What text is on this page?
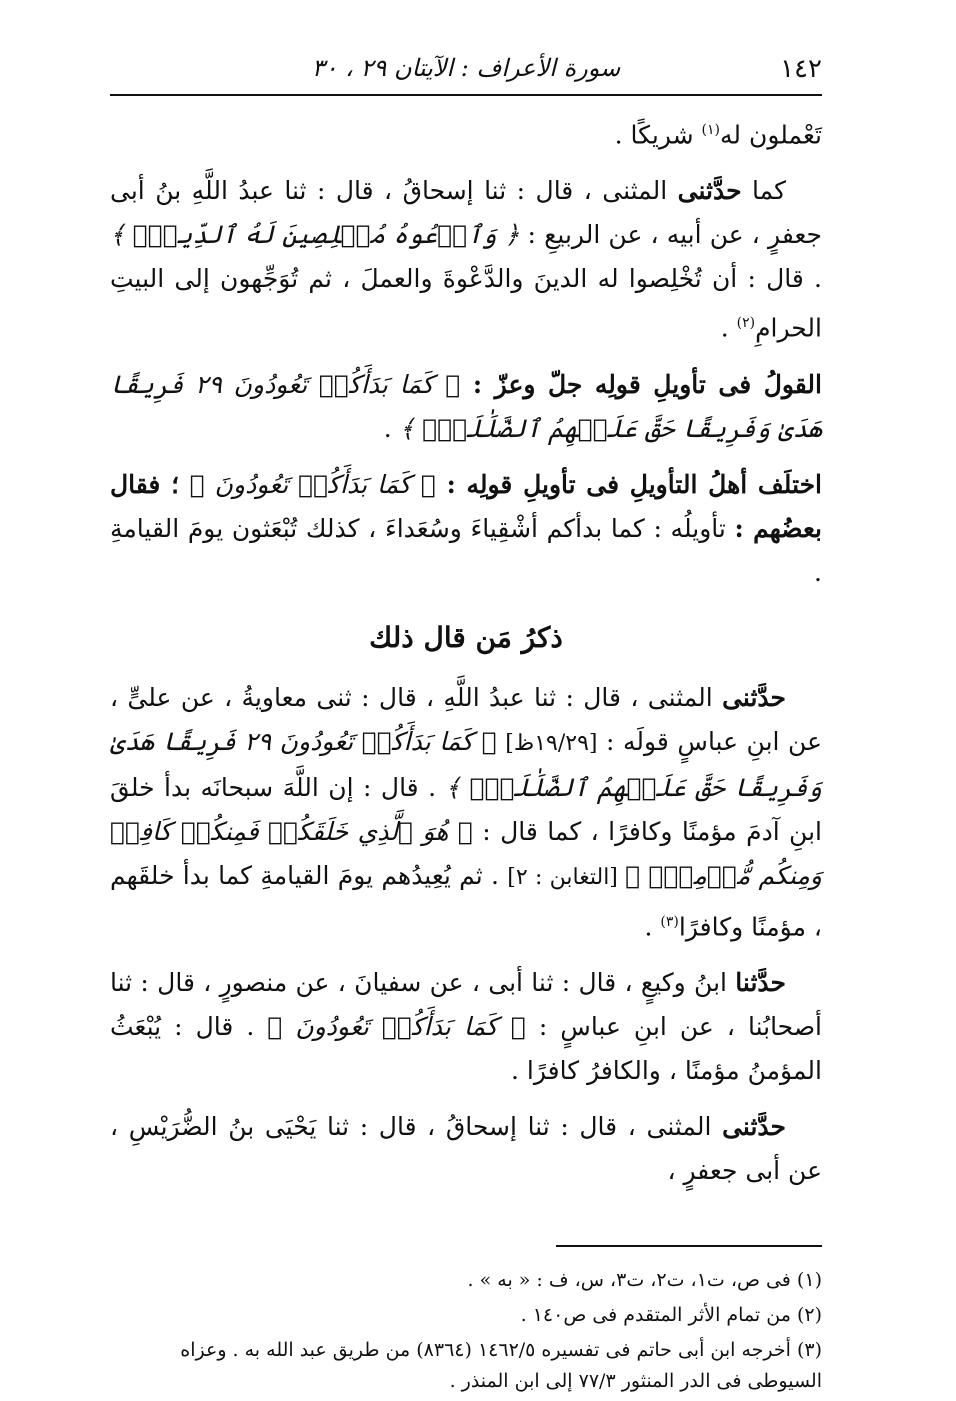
١٤٢
سورة الأعراف : الآيتان ٢٩ ، ٣٠

تَعْملون له$^{(١)}$ شريكًا .

كما حدَّثنى المثنى ، قال : ثنا إسحاقُ ، قال : ثنا عبدُ اللَّهِ بنُ أبى جعفرٍ ، عن أبيه ، عن الربيعِ : ﴿ وَٱدۡعُوهُ مُخۡلِصِينَ لَهُ ٱلدِّينَۚ ﴾ . قال : أن تُخْلِصوا له الدينَ والدَّعْوةَ والعملَ ، ثم تُوَجِّهون إلى البيتِ الحرامِ$^{(٢)}$ .

القولُ فى تأويلِ قولِه جلّ وعزّ : ﴿ كَمَا بَدَأَكُمۡ تَعُودُونَ ٢٩ فَرِيقًا هَدَىٰ وَفَرِيقًا حَقَّ عَلَيۡهِمُ ٱلضَّلَٰلَةُۚ ﴾ .

اختلَف أهلُ التأويلِ فى تأويلِ قولِه : ﴿ كَمَا بَدَأَكُمۡ تَعُودُونَ ﴾ ؛ فقال بعضُهم : تأويلُه : كما بدأكم أشْقِياءَ وسُعَداءَ ، كذلك تُبْعَثون يومَ القيامةِ .

ذكرُ مَن قال ذلك

حدَّثنى المثنى ، قال : ثنا عبدُ اللَّهِ ، قال : ثنى معاويةُ ، عن علىٍّ ، عن ابنِ عباسٍ قولَه : [١٩/٢٩ظ] ﴿ كَمَا بَدَأَكُمۡ تَعُودُونَ ٢٩ فَرِيقًا هَدَىٰ وَفَرِيقًا حَقَّ عَلَيۡهِمُ ٱلضَّلَٰلَةُۚ ﴾ . قال : إن اللَّهَ سبحانَه بدأ خلقَ ابنِ آدمَ مؤمنًا وكافرًا ، كما قال : ﴿ هُوَ ٱلَّذِي خَلَقَكُمۡ فَمِنكُمۡ كَافِرٞ وَمِنكُم مُّؤۡمِنٞۚ ﴾ [التغابن : ٢] . ثم يُعِيدُهم يومَ القيامةِ كما بدأ خلقَهم ، مؤمنًا وكافرًا$^{(٣)}$ .

حدَّثنا ابنُ وكيعٍ ، قال : ثنا أبى ، عن سفيانَ ، عن منصورٍ ، قال : ثنا أصحابُنا ، عن ابنِ عباسٍ : ﴿ كَمَا بَدَأَكُمۡ تَعُودُونَ ﴾ . قال : يُبْعَثُ المؤمنُ مؤمنًا ، والكافرُ كافرًا .

حدَّثنى المثنى ، قال : ثنا إسحاقُ ، قال : ثنا يَحْيَى بنُ الضُّرَيْسِ ، عن أبى جعفرٍ ،

(١) فى ص، ت١، ت٢، ت٣، س، ف : « به » .

(٢) من تمام الأثر المتقدم فى ص١٤٠ .

(٣) أخرجه ابن أبى حاتم فى تفسيره ١٤٦٢/٥ (٨٣٦٤) من طريق عبد الله به . وعزاه السيوطى فى الدر المنثور ٧٧/٣ إلى ابن المنذر .
